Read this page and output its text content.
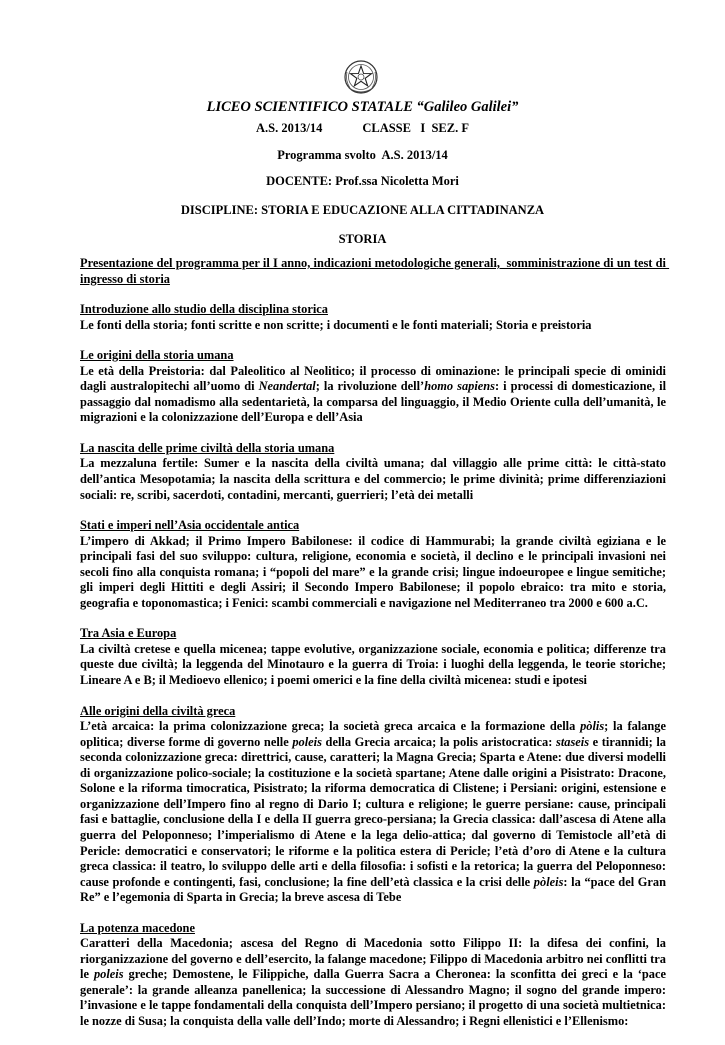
LICEO SCIENTIFICO STATALE “Galileo Galilei”
A.S. 2013/14	CLASSE   I  SEZ. F
Programma svolto  A.S. 2013/14
DOCENTE: Prof.ssa Nicoletta Mori
DISCIPLINE: STORIA E EDUCAZIONE ALLA CITTADINANZA
STORIA
Presentazione del programma per il I anno, indicazioni metodologiche generali,  somministrazione di un test di ingresso di storia
Introduzione allo studio della disciplina storica
Le fonti della storia; fonti scritte e non scritte; i documenti e le fonti materiali; Storia e preistoria
Le origini della storia umana
Le età della Preistoria: dal Paleolitico al Neolitico; il processo di ominazione: le principali specie di ominidi dagli australopitechi all’uomo di Neandertal; la rivoluzione dell’homo sapiens: i processi di domesticazione, il passaggio dal nomadismo alla sedentarietà, la comparsa del linguaggio, il Medio Oriente culla dell’umanità, le migrazioni e la colonizzazione dell’Europa e dell’Asia
La nascita delle prime civiltà della storia umana
La mezzaluna fertile: Sumer e la nascita della civiltà umana; dal villaggio alle prime città: le città-stato dell’antica Mesopotamia; la nascita della scrittura e del commercio; le prime divinità; prime differenziazioni sociali: re, scribi, sacerdoti, contadini, mercanti, guerrieri; l’età dei metalli
Stati e imperi nell’Asia occidentale antica
L’impero di Akkad; il Primo Impero Babilonese: il codice di Hammurabi; la grande civiltà egiziana e le principali fasi del suo sviluppo: cultura, religione, economia e società, il declino e le principali invasioni nei secoli fino alla conquista romana; i “popoli del mare” e la grande crisi; lingue indoeuropee e lingue semitiche; gli imperi degli Hittiti e degli Assiri; il Secondo Impero Babilonese; il popolo ebraico: tra mito e storia, geografia e toponomastica; i Fenici: scambi commerciali e navigazione nel Mediterraneo tra 2000 e 600 a.C.
Tra Asia e Europa
La civiltà cretese e quella micenea; tappe evolutive, organizzazione sociale, economia e politica; differenze tra queste due civiltà; la leggenda del Minotauro e la guerra di Troia: i luoghi della leggenda, le teorie storiche; Lineare A e B; il Medioevo ellenico; i poemi omerici e la fine della civiltà micenea: studi e ipotesi
Alle origini della civiltà greca
L’età arcaica: la prima colonizzazione greca; la società greca arcaica e la formazione della pòlis; la falange oplitica; diverse forme di governo nelle poleis della Grecia arcaica; la polis aristocratica: staseis e tirannidi; la seconda colonizzazione greca: direttrici, cause, caratteri; la Magna Grecia; Sparta e Atene: due diversi modelli di organizzazione polico-sociale; la costituzione e la società spartane; Atene dalle origini a Pisistrato: Dracone, Solone e la riforma timocratica, Pisistrato; la riforma democratica di Clistene; i Persiani: origini, estensione e organizzazione dell’Impero fino al regno di Dario I; cultura e religione; le guerre persiane: cause, principali fasi e battaglie, conclusione della I e della II guerra greco-persiana; la Grecia classica: dall’ascesa di Atene alla guerra del Peloponneso; l’imperialismo di Atene e la lega delio-attica; dal governo di Temistocle all’età di Pericle: democratici e conservatori; le riforme e la politica estera di Pericle; l’età d’oro di Atene e la cultura greca classica: il teatro, lo sviluppo delle arti e della filosofia: i sofisti e la retorica; la guerra del Peloponneso: cause profonde e contingenti, fasi, conclusione; la fine dell’età classica e la crisi delle pòleis: la “pace del Gran Re” e l’egemonia di Sparta in Grecia; la breve ascesa di Tebe
La potenza macedone
Caratteri della Macedonia; ascesa del Regno di Macedonia sotto Filippo II: la difesa dei confini, la riorganizzazione del governo e dell’esercito, la falange macedone; Filippo di Macedonia arbitro nei conflitti tra le poleis greche; Demostene, le Filippiche, dalla Guerra Sacra a Cheronea: la sconfitta dei greci e la ‘pace generale’: la grande alleanza panellenica; la successione di Alessandro Magno; il sogno del grande impero: l’invasione e le tappe fondamentali della conquista dell’Impero persiano; il progetto di una società multietnica: le nozze di Susa; la conquista della valle dell’Indo; morte di Alessandro; i Regni ellenistici e l’Ellenismo:
